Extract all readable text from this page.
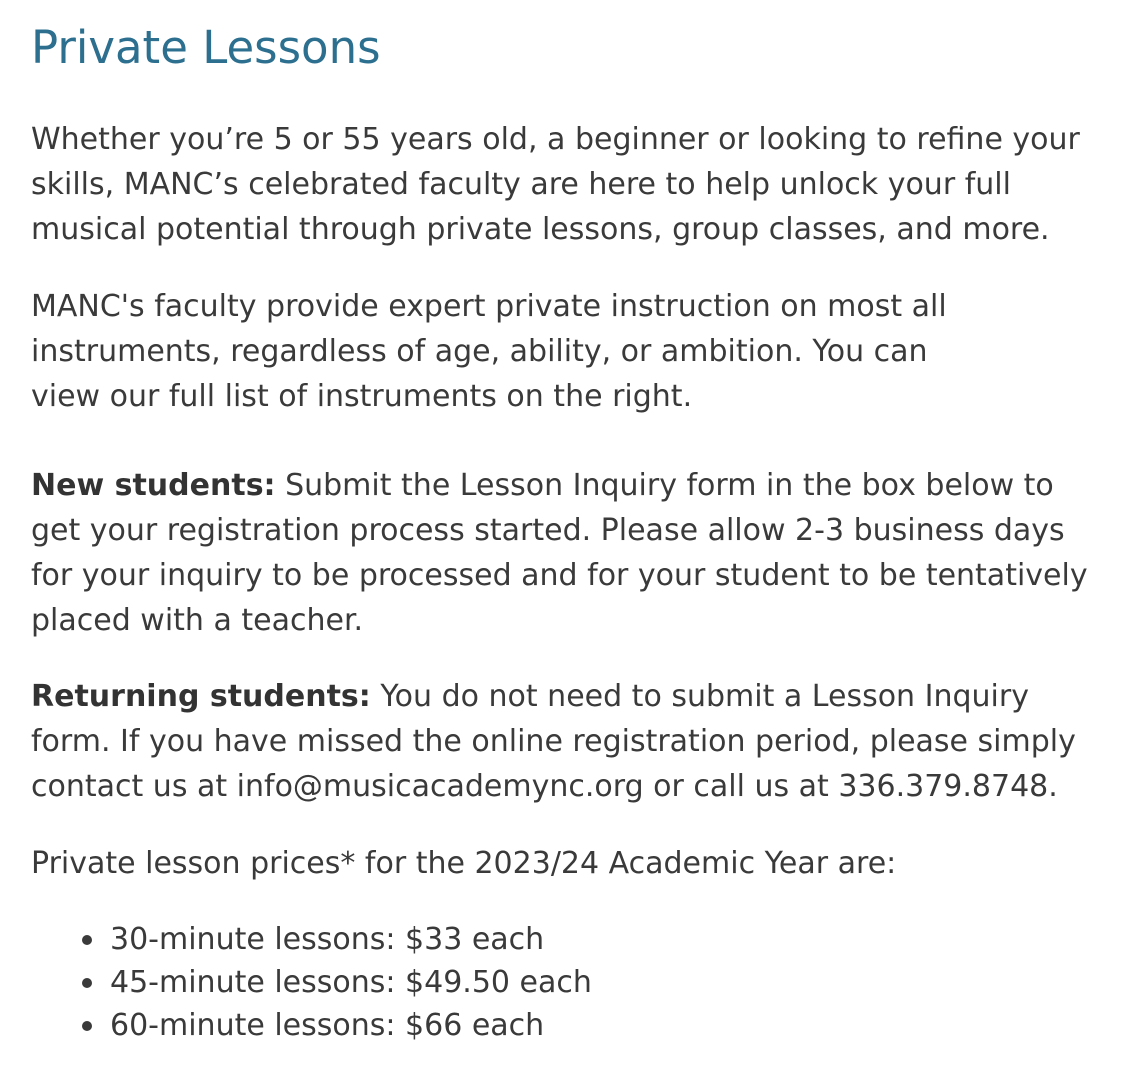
Private Lessons

Whether you’re 5 or 55 years old, a beginner or looking to refine your
skills, MANC’s celebrated faculty are here to help unlock your full
musical potential through private lessons, group classes, and more.

MANC's faculty provide expert private instruction on most all
instruments, regardless of age, ability, or ambition. You can
view our full list of instruments on the right.

New students: Submit the Lesson Inquiry form in the box below to
get your registration process started. Please allow 2-3 business days
for your inquiry to be processed and for your student to be tentatively
placed with a teacher.

Returning students: You do not need to submit a Lesson Inquiry
form. If you have missed the online registration period, please simply
contact us at info@musicacademync.org or call us at 336.379.8748.

Private lesson prices* for the 2023/24 Academic Year are:

30-minute lessons: $33 each
45-minute lessons: $49.50 each
60-minute lessons: $66 each
